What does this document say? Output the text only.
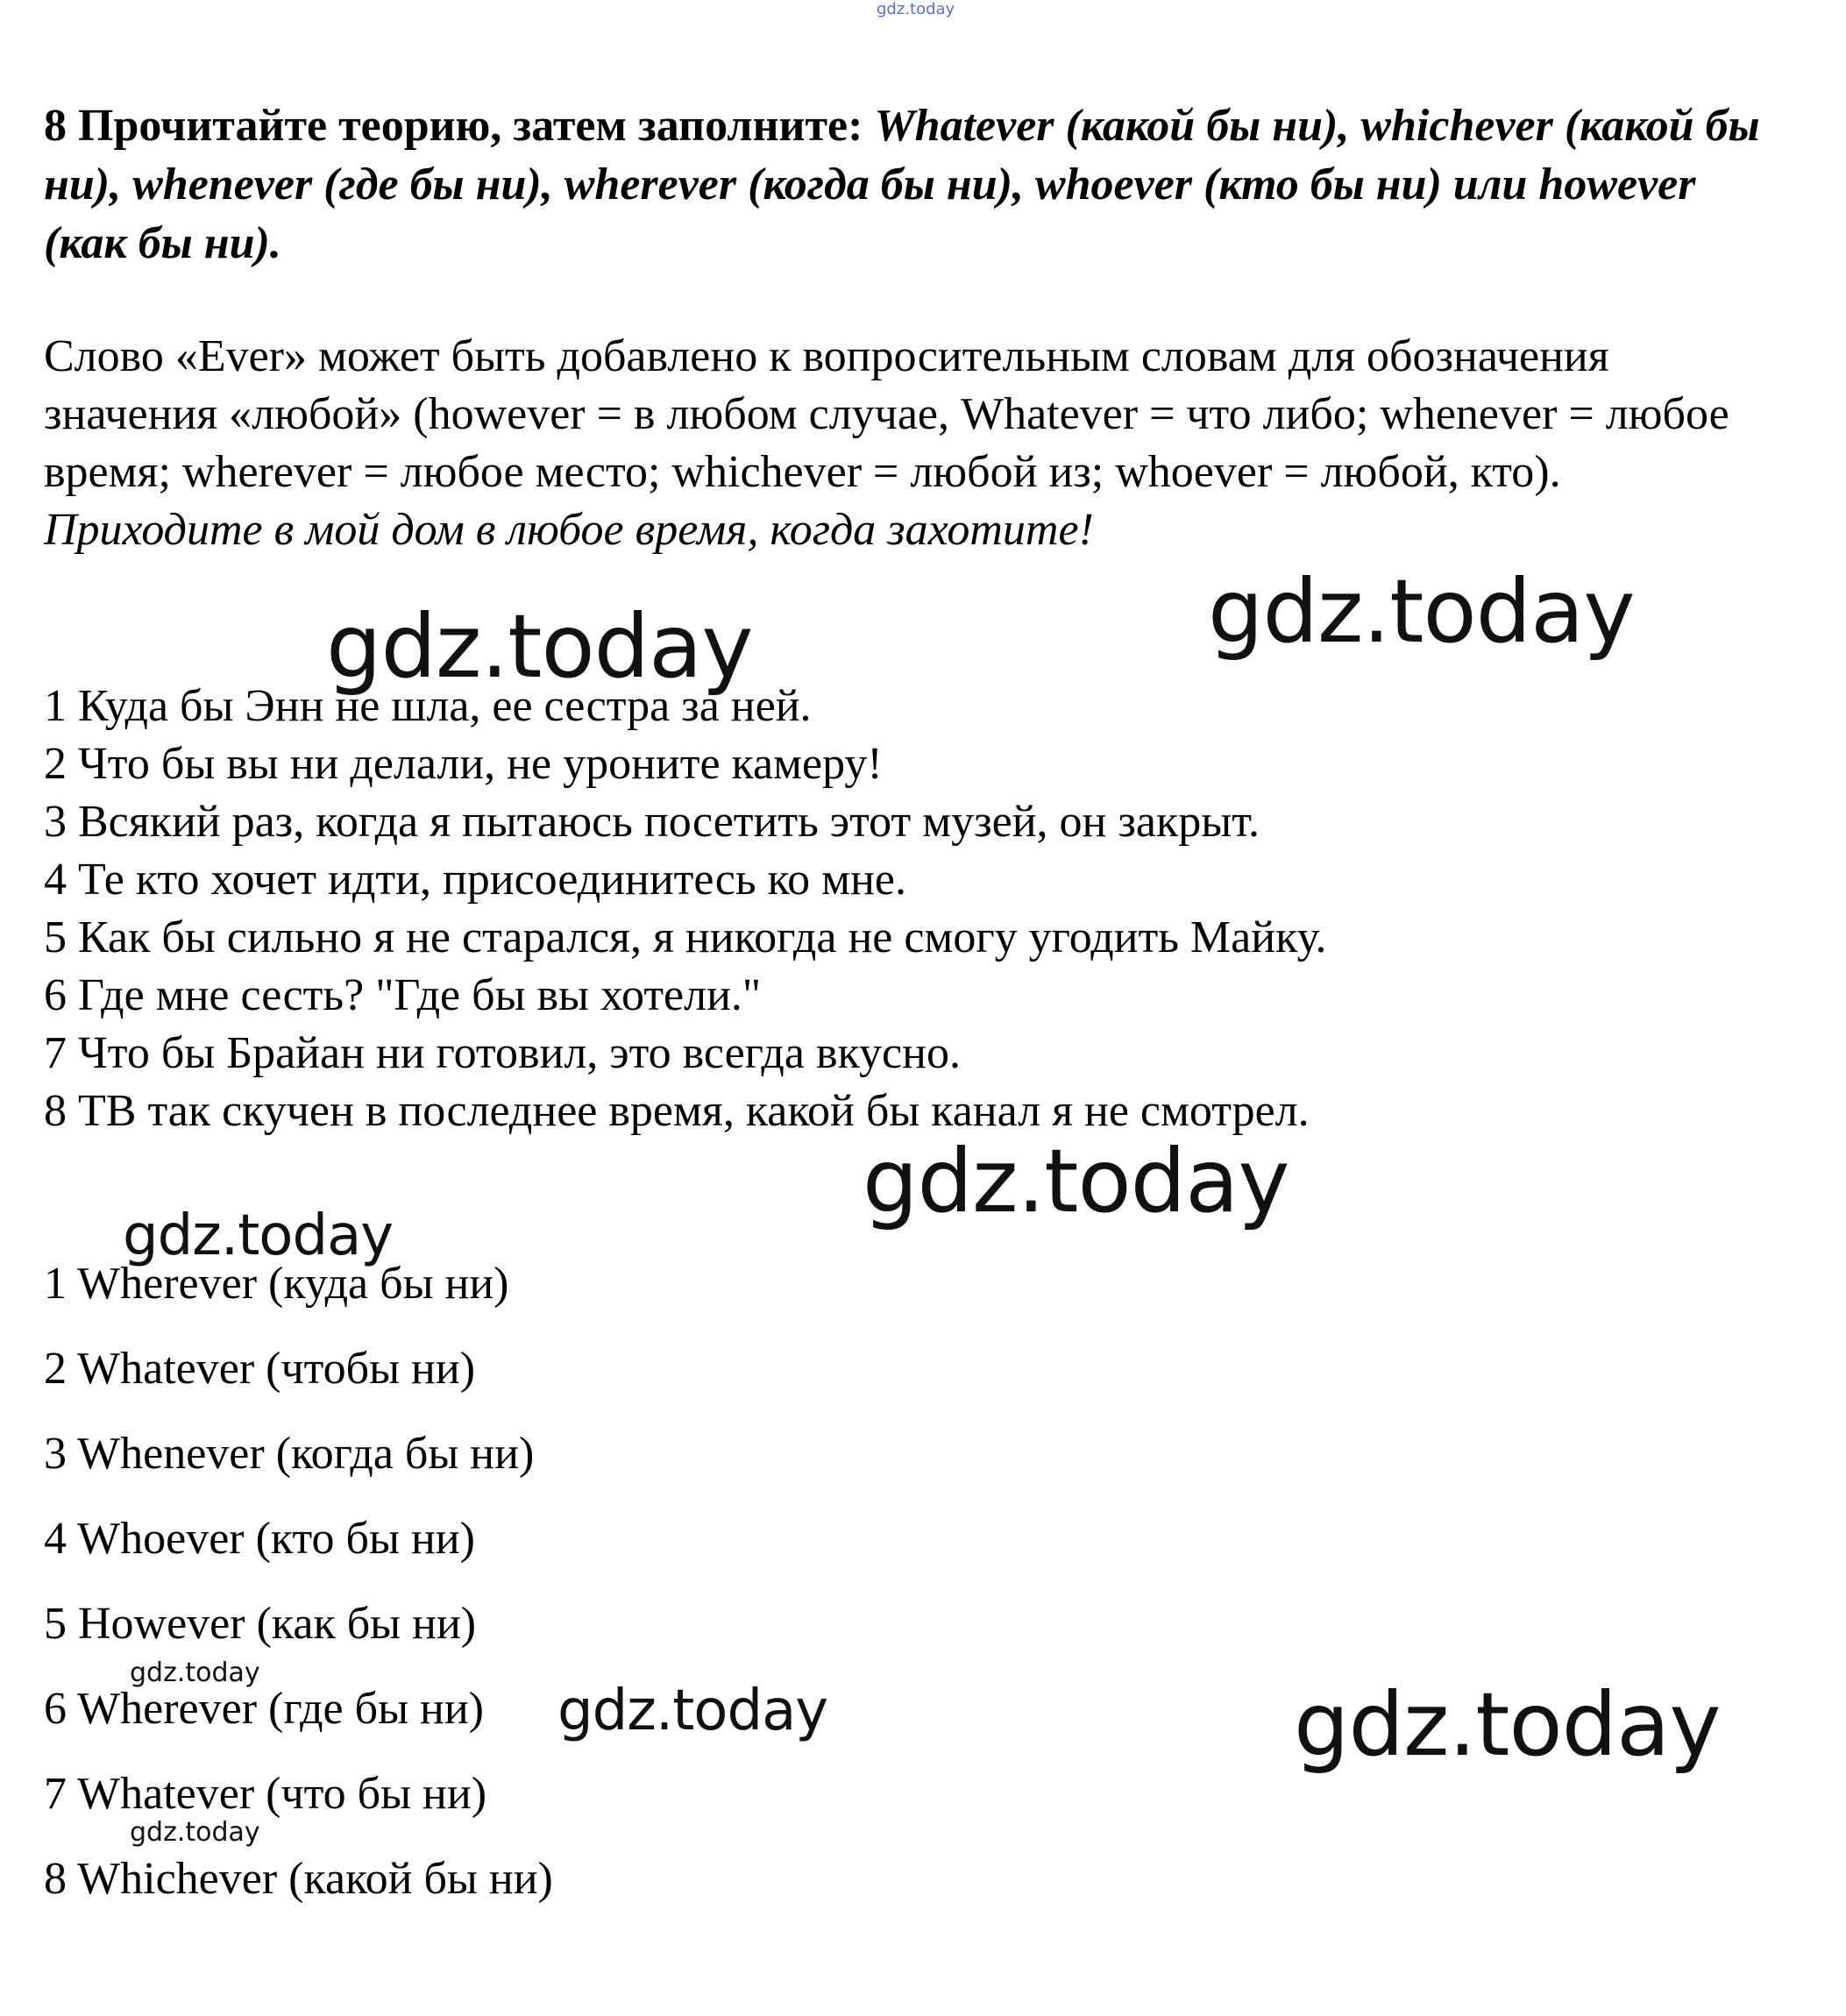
gdz.today
8 Прочитайте теорию, затем заполните: Whatever (какой бы ни), whichever (какой бы ни), whenever (где бы ни), wherever (когда бы ни), whoever (кто бы ни) или however (как бы ни).
Слово «Ever» может быть добавлено к вопросительным словам для обозначения значения «любой» (however = в любом случае, Whatever = что либо; whenever = любое время; wherever = любое место; whichever = любой из; whoever = любой, кто). Приходите в мой дом в любое время, когда захотите!
1 Куда бы Энн не шла, ее сестра за ней.
2 Что бы вы ни делали, не уроните камеру!
3 Всякий раз, когда я пытаюсь посетить этот музей, он закрыт.
4 Те кто хочет идти, присоединитесь ко мне.
5 Как бы сильно я не старался, я никогда не смогу угодить Майку.
6 Где мне сесть? "Где бы вы хотели."
7 Что бы Брайан ни готовил, это всегда вкусно.
8 ТВ так скучен в последнее время, какой бы канал я не смотрел.
1 Wherever (куда бы ни)
2 Whatever (чтобы ни)
3 Whenever (когда бы ни)
4 Whoever (кто бы ни)
5 However (как бы ни)
6 Wherever (где бы ни)
7 Whatever (что бы ни)
8 Whichever (какой бы ни)
gdz.today	gdz.today
gdz.today
gdz.today
gdz.today
gdz.today	gdz.today
gdz.today
